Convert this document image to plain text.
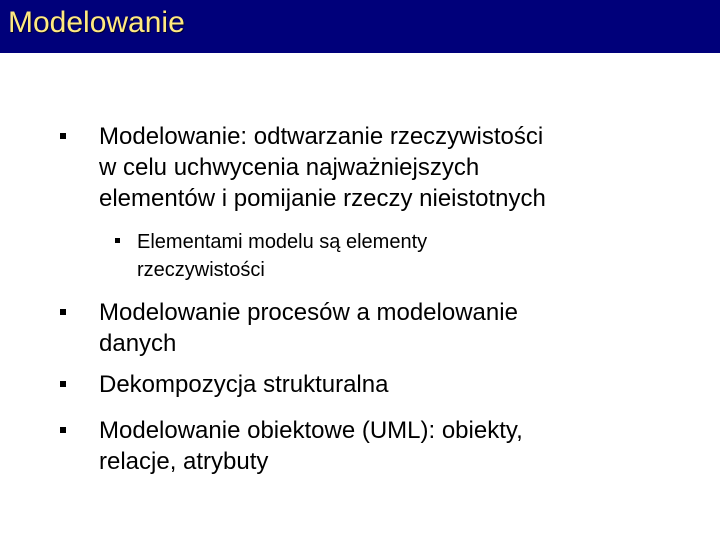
Modelowanie
Modelowanie: odtwarzanie rzeczywistości
w celu uchwycenia najważniejszych
elementów i pomijanie rzeczy nieistotnych
Elementami modelu są elementy
rzeczywistości
Modelowanie procesów a modelowanie
danych
Dekompozycja strukturalna
Modelowanie obiektowe (UML): obiekty,
relacje, atrybuty
